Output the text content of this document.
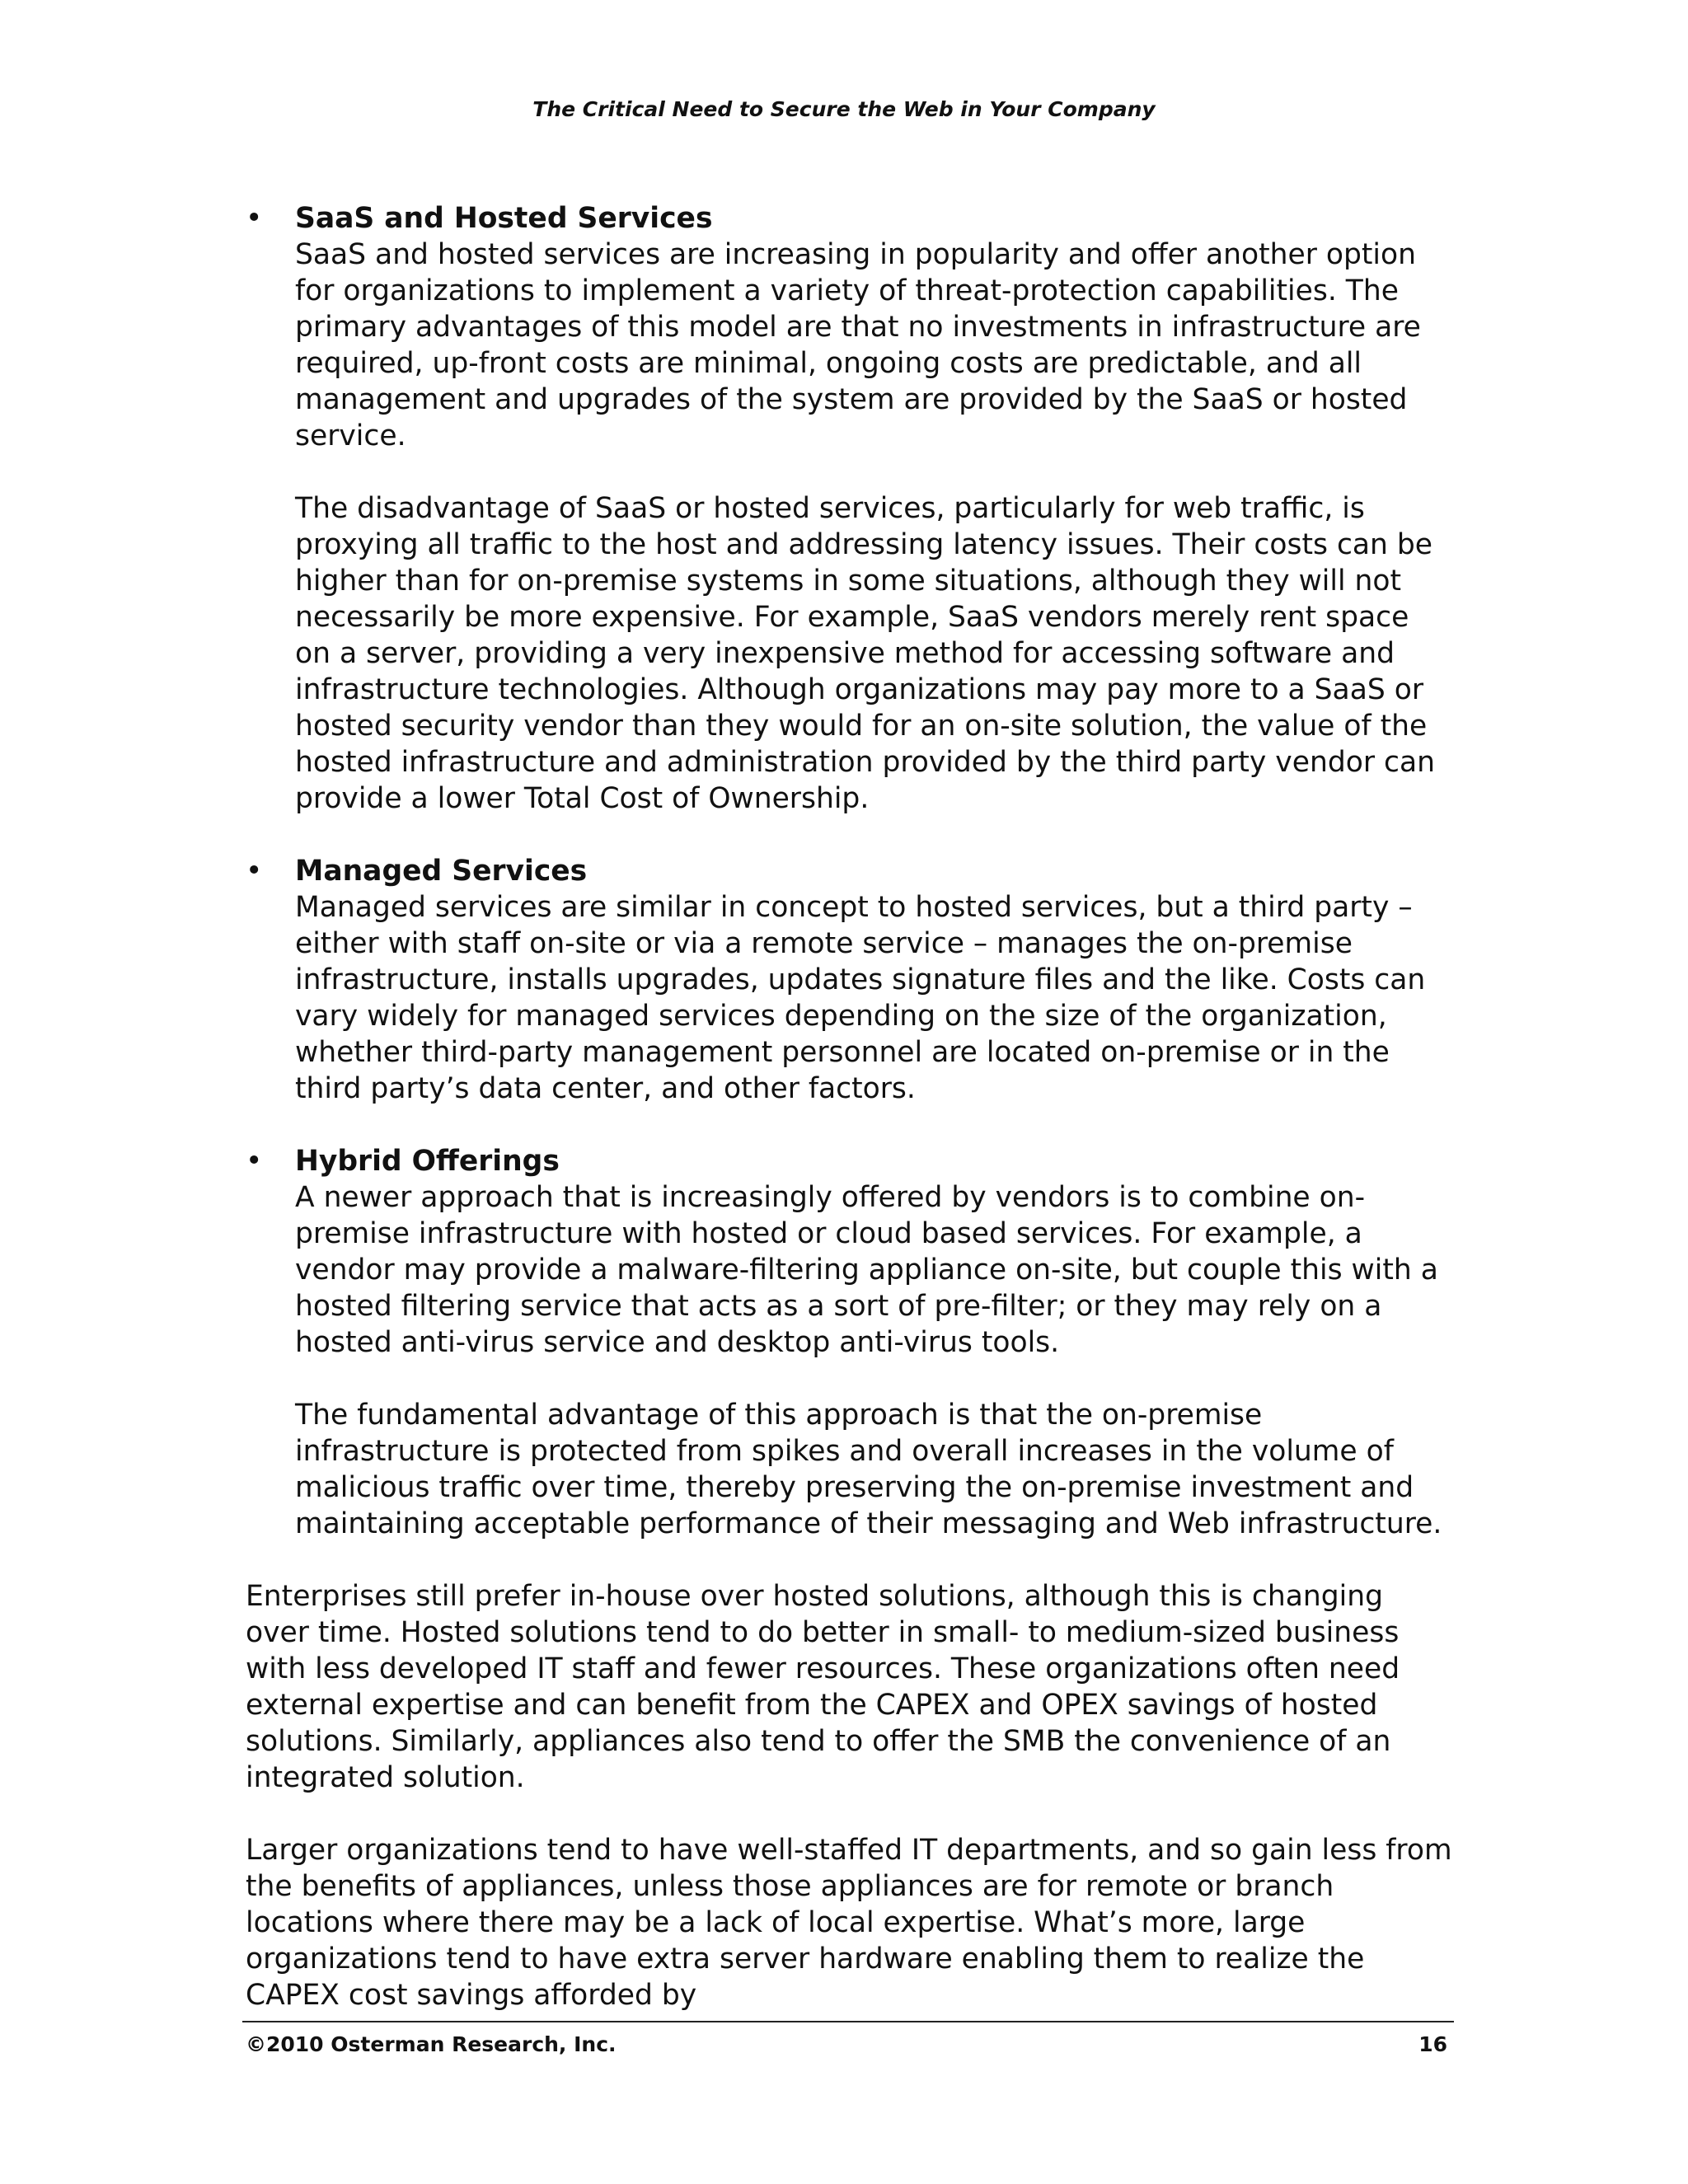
The Critical Need to Secure the Web in Your Company
• SaaS and Hosted Services

SaaS and hosted services are increasing in popularity and offer another option for organizations to implement a variety of threat-protection capabilities. The primary advantages of this model are that no investments in infrastructure are required, up-front costs are minimal, ongoing costs are predictable, and all management and upgrades of the system are provided by the SaaS or hosted service.

The disadvantage of SaaS or hosted services, particularly for web traffic, is proxying all traffic to the host and addressing latency issues. Their costs can be higher than for on-premise systems in some situations, although they will not necessarily be more expensive. For example, SaaS vendors merely rent space on a server, providing a very inexpensive method for accessing software and infrastructure technologies. Although organizations may pay more to a SaaS or hosted security vendor than they would for an on-site solution, the value of the hosted infrastructure and administration provided by the third party vendor can provide a lower Total Cost of Ownership.

• Managed Services

Managed services are similar in concept to hosted services, but a third party – either with staff on-site or via a remote service – manages the on-premise infrastructure, installs upgrades, updates signature files and the like. Costs can vary widely for managed services depending on the size of the organization, whether third-party management personnel are located on-premise or in the third party’s data center, and other factors.

• Hybrid Offerings

A newer approach that is increasingly offered by vendors is to combine on-premise infrastructure with hosted or cloud based services. For example, a vendor may provide a malware-filtering appliance on-site, but couple this with a hosted filtering service that acts as a sort of pre-filter; or they may rely on a hosted anti-virus service and desktop anti-virus tools.

The fundamental advantage of this approach is that the on-premise infrastructure is protected from spikes and overall increases in the volume of malicious traffic over time, thereby preserving the on-premise investment and maintaining acceptable performance of their messaging and Web infrastructure.

Enterprises still prefer in-house over hosted solutions, although this is changing over time. Hosted solutions tend to do better in small- to medium-sized business with less developed IT staff and fewer resources. These organizations often need external expertise and can benefit from the CAPEX and OPEX savings of hosted solutions. Similarly, appliances also tend to offer the SMB the convenience of an integrated solution.

Larger organizations tend to have well-staffed IT departments, and so gain less from the benefits of appliances, unless those appliances are for remote or branch locations where there may be a lack of local expertise. What’s more, large organizations tend to have extra server hardware enabling them to realize the CAPEX cost savings afforded by

©2010 Osterman Research, Inc.	16
